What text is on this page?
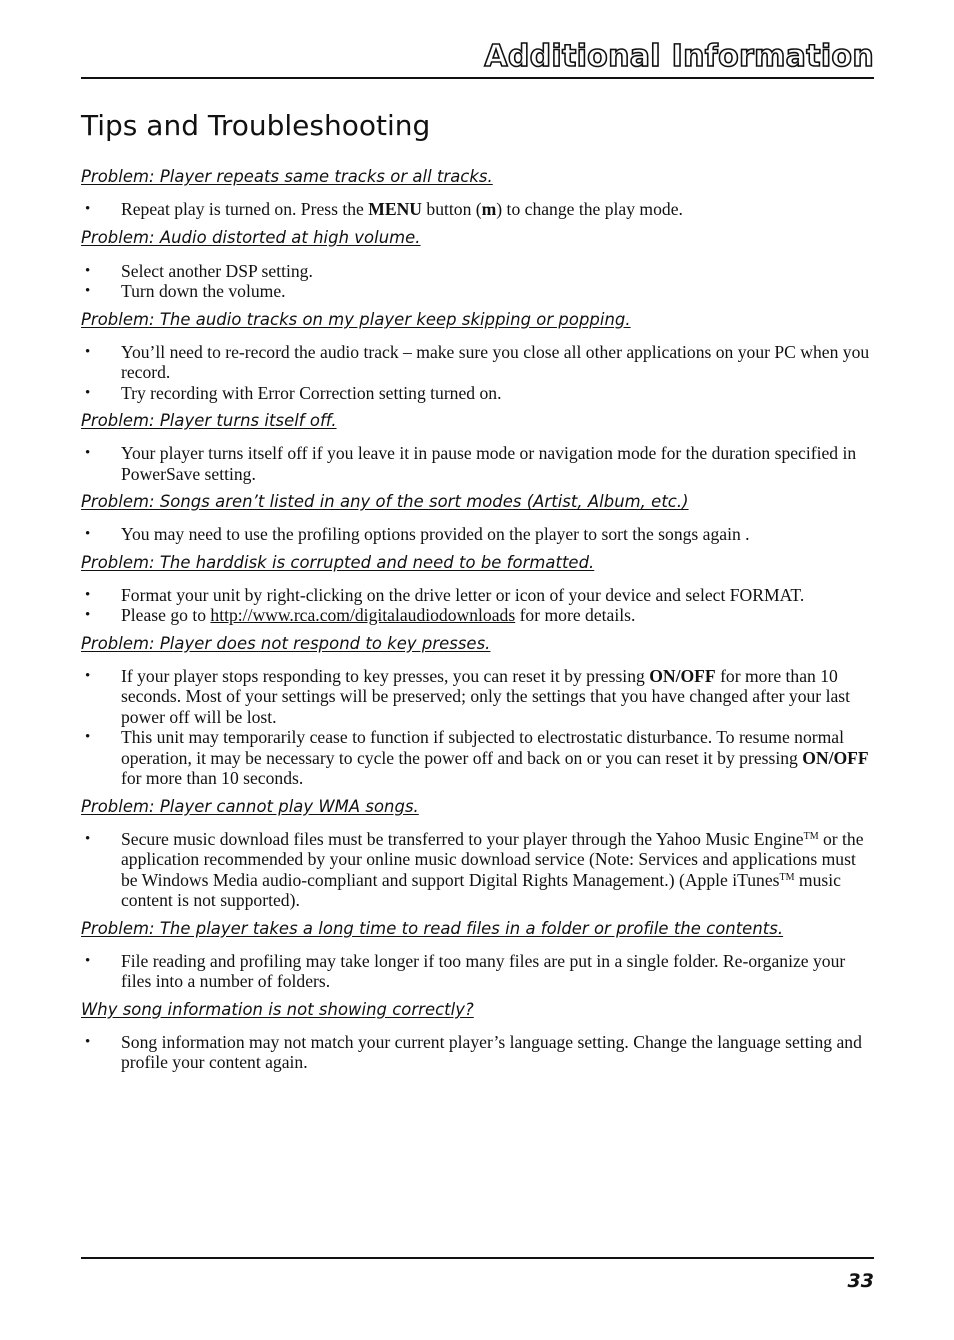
Additional Information
Tips and Troubleshooting

Problem: Player repeats same tracks or all tracks.

• Repeat play is turned on. Press the MENU button (m) to change the play mode.

Problem: Audio distorted at high volume.

• Select another DSP setting.
• Turn down the volume.

Problem: The audio tracks on my player keep skipping or popping.

• You’ll need to re-record the audio track – make sure you close all other applications on your PC when you record.
• Try recording with Error Correction setting turned on.

Problem: Player turns itself off.

• Your player turns itself off if you leave it in pause mode or navigation mode for the duration specified in PowerSave setting.

Problem: Songs aren’t listed in any of the sort modes (Artist, Album, etc.)

• You may need to use the profiling options provided on the player to sort the songs again .

Problem: The harddisk is corrupted and need to be formatted.

• Format your unit by right-clicking on the drive letter or icon of your device and select FORMAT.
• Please go to http://www.rca.com/digitalaudiodownloads for more details.

Problem: Player does not respond to key presses.

• If your player stops responding to key presses, you can reset it by pressing ON/OFF for more than 10 seconds. Most of your settings will be preserved; only the settings that you have changed after your last power off will be lost.
• This unit may temporarily cease to function if subjected to electrostatic disturbance. To resume normal operation, it may be necessary to cycle the power off and back on or you can reset it by pressing ON/OFF for more than 10 seconds.

Problem: Player cannot play WMA songs.

• Secure music download files must be transferred to your player through the Yahoo Music Engine™ or the application recommended by your online music download service (Note: Services and applications must be Windows Media audio-compliant and support Digital Rights Management.) (Apple iTunes™ music content is not supported).

Problem: The player takes a long time to read files in a folder or profile the contents.

• File reading and profiling may take longer if too many files are put in a single folder. Re-organize your files into a number of folders.

Why song information is not showing correctly?

• Song information may not match your current player’s language setting. Change the language setting and profile your content again.
33
